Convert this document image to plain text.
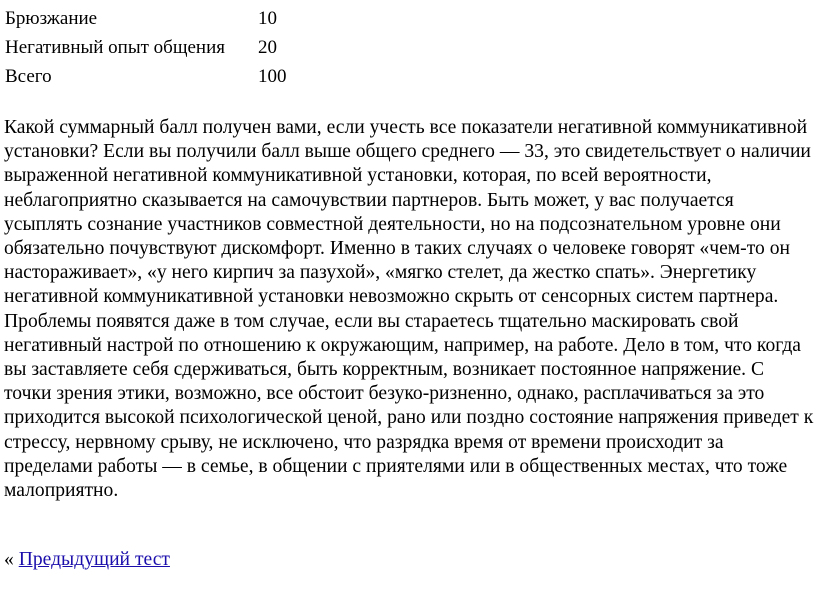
Брюзжание	10
Негативный опыт общения	20
Всего	100

Какой суммарный балл получен вами, если учесть все показатели негативной коммуникативной установки? Если вы получили балл выше общего среднего — 33, это свидетельствует о наличии выраженной негативной коммуникативной установки, которая, по всей вероятности, неблагоприятно сказывается на самочувствии партнеров. Быть может, у вас получается усыплять сознание участников совместной деятельности, но на подсознательном уровне они обязательно почувствуют дискомфорт. Именно в таких случаях о человеке говорят «чем-то он настораживает», «у него кирпич за пазухой», «мягко стелет, да жестко спать». Энергетику негативной коммуникативной установки невозможно скрыть от сенсорных систем партнера. Проблемы появятся даже в том случае, если вы стараетесь тщательно маскировать свой негативный настрой по отношению к окружающим, например, на работе. Дело в том, что когда вы заставляете себя сдерживаться, быть корректным, возникает постоянное напряжение. С точки зрения этики, возможно, все обстоит безуко-ризненно, однако, расплачиваться за это приходится высокой психологической ценой, рано или поздно состояние напряжения приведет к стрессу, нервному срыву, не исключено, что разрядка время от времени происходит за пределами работы — в семье, в общении с приятелями или в общественных местах, что тоже малоприятно.

« Предыдущий тест
